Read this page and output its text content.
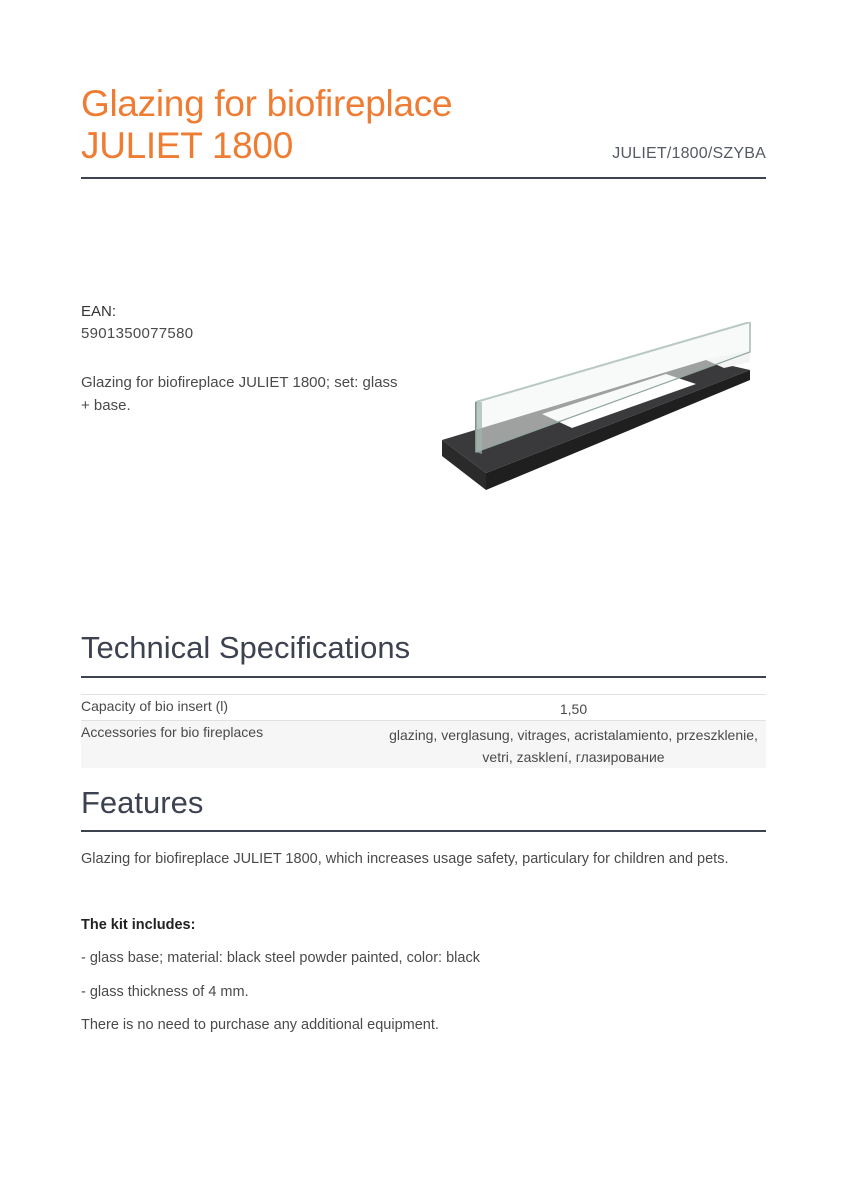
Glazing for biofireplace
JULIET 1800	JULIET/1800/SZYBA
EAN:
5901350077580
Glazing for biofireplace JULIET 1800; set: glass + base.
Technical Specifications
Capacity of bio insert (l)	1,50
Accessories for bio fireplaces	glazing, verglasung, vitrages, acristalamiento, przeszklenie, vetri, zasklení, глазирование
Features
Glazing for biofireplace JULIET 1800, which increases usage safety, particulary for children and pets.
The kit includes:
- glass base; material: black steel powder painted, color: black
- glass thickness of 4 mm.
There is no need to purchase any additional equipment.
